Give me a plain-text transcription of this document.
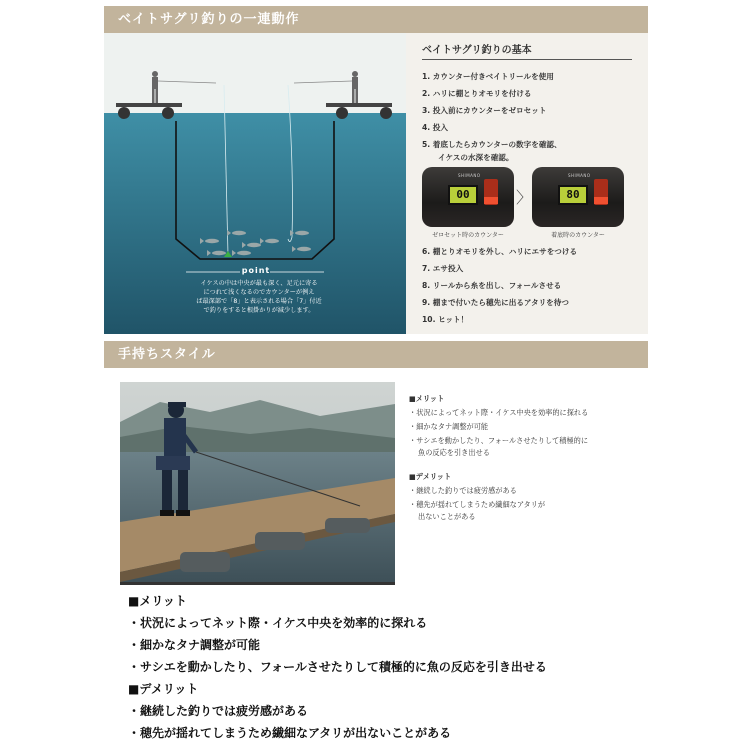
ベイトサグリ釣りの一連動作
point
イケスの中は中央が最も深く、足元に寄る
につれて浅くなるのでカウンターが例え
ば最深部で「8」と表示される場合「7」付近
で釣りをすると根掛かりが減少します。
ベイトサグリ釣りの基本
1. カウンター付きベイトリールを使用
2. ハリに棚とりオモリを付ける
3. 投入前にカウンターをゼロセット
4. 投入
5. 着底したらカウンターの数字を確認、
イケスの水深を確認。
SHIMANO
00
ゼロセット時のカウンター
〉
SHIMANO
80
着底時のカウンター
6. 棚とりオモリを外し、ハリにエサをつける
7. エサ投入
8. リールから糸を出し、フォールさせる
9. 棚まで付いたら穂先に出るアタリを待つ
10. ヒット！
手持ちスタイル
■メリット
・状況によってネット際・イケス中央を効率的に探れる
・細かなタナ調整が可能
・サシエを動かしたり、フォールさせたりして積極的に
魚の反応を引き出せる
■デメリット
・継続した釣りでは疲労感がある
・穂先が揺れてしまうため繊細なアタリが
出ないことがある
■メリット
・状況によってネット際・イケス中央を効率的に探れる
・細かなタナ調整が可能
・サシエを動かしたり、フォールさせたりして積極的に魚の反応を引き出せる
■デメリット
・継続した釣りでは疲労感がある
・穂先が揺れてしまうため繊細なアタリが出ないことがある
